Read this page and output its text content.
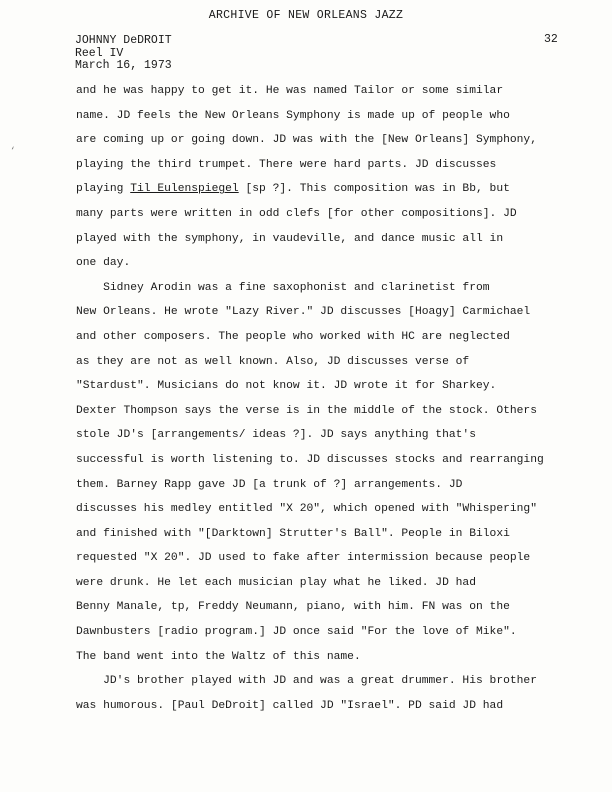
ARCHIVE OF NEW ORLEANS JAZZ
32
JOHNNY DeDROIT
Reel IV
March 16, 1973
‘
and he was happy to get it. He was named Tailor or some similar
name. JD feels the New Orleans Symphony is made up of people who
are coming up or going down. JD was with the [New Orleans] Symphony,
playing the third trumpet. There were hard parts. JD discusses
playing Til Eulenspiegel [sp ?]. This composition was in Bb, but
many parts were written in odd clefs [for other compositions]. JD
played with the symphony, in vaudeville, and dance music all in
one day.
Sidney Arodin was a fine saxophonist and clarinetist from
New Orleans. He wrote "Lazy River." JD discusses [Hoagy] Carmichael
and other composers. The people who worked with HC are neglected
as they are not as well known. Also, JD discusses verse of
"Stardust". Musicians do not know it. JD wrote it for Sharkey.
Dexter Thompson says the verse is in the middle of the stock. Others
stole JD's [arrangements/ ideas ?]. JD says anything that's
successful is worth listening to. JD discusses stocks and rearranging
them. Barney Rapp gave JD [a trunk of ?] arrangements. JD
discusses his medley entitled "X 20", which opened with "Whispering"
and finished with "[Darktown] Strutter's Ball". People in Biloxi
requested "X 20". JD used to fake after intermission because people
were drunk. He let each musician play what he liked. JD had
Benny Manale, tp, Freddy Neumann, piano, with him. FN was on the
Dawnbusters [radio program.] JD once said "For the love of Mike".
The band went into the Waltz of this name.
JD's brother played with JD and was a great drummer. His brother
was humorous. [Paul DeDroit] called JD "Israel". PD said JD had
